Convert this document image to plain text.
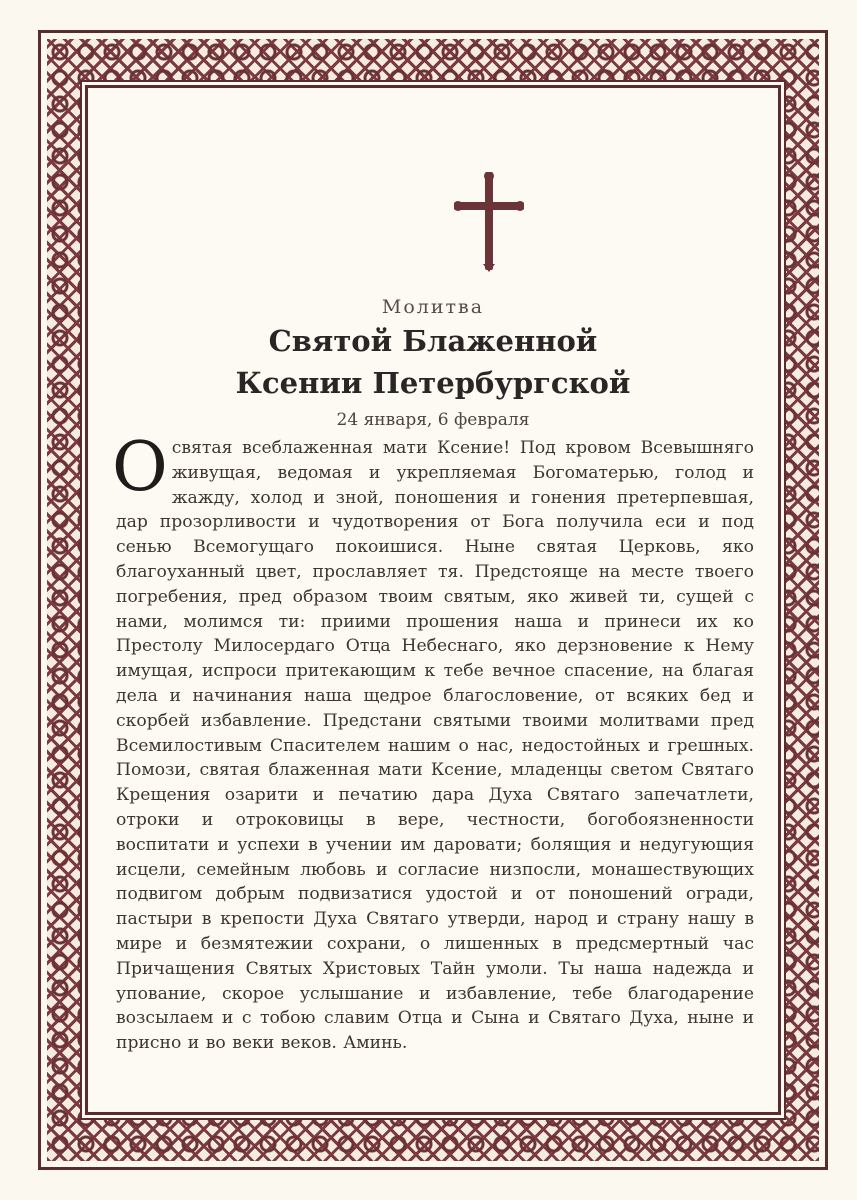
Молитва
Святой Блаженной
Ксении Петербургской
24 января, 6 февраля
Освятая всеблаженная мати Ксение! Под кровом Всевышняго живущая, ведомая и укрепляемая Богоматерью, голод и жажду, холод и зной, поношения и гонения претерпевшая, дар прозорливости и чудотворения от Бога получила еси и под сенью Всемогущаго покоишися. Ныне святая Церковь, яко благоуханный цвет, прославляет тя. Предстояще на месте твоего погребения, пред образом твоим святым, яко живей ти, сущей с нами, молимся ти: приими прошения наша и принеси их ко Престолу Милосердаго Отца Небеснаго, яко дерзновение к Нему имущая, испроси притекающим к тебе вечное спасение, на благая дела и начинания наша щедрое благословение, от всяких бед и скорбей избавление. Предстани святыми твоими молитвами пред Всемилостивым Спасителем нашим о нас, недостойных и грешных. Помози, святая блаженная мати Ксение, младенцы светом Святаго Крещения озарити и печатию дара Духа Святаго запечатлети, отроки и отроковицы в вере, честности, богобоязненности воспитати и успехи в учении им даровати; болящия и недугующия исцели, семейным любовь и согласие низпосли, монашествующих подвигом добрым подвизатися удостой и от поношений огради, пастыри в крепости Духа Святаго утверди, народ и страну нашу в мире и безмятежии сохрани, о лишенных в предсмертный час Причащения Святых Христовых Тайн умоли. Ты наша надежда и упование, скорое услышание и избавление, тебе благодарение возсылаем и с тобою славим Отца и Сына и Святаго Духа, ныне и присно и во веки веков. Аминь.
